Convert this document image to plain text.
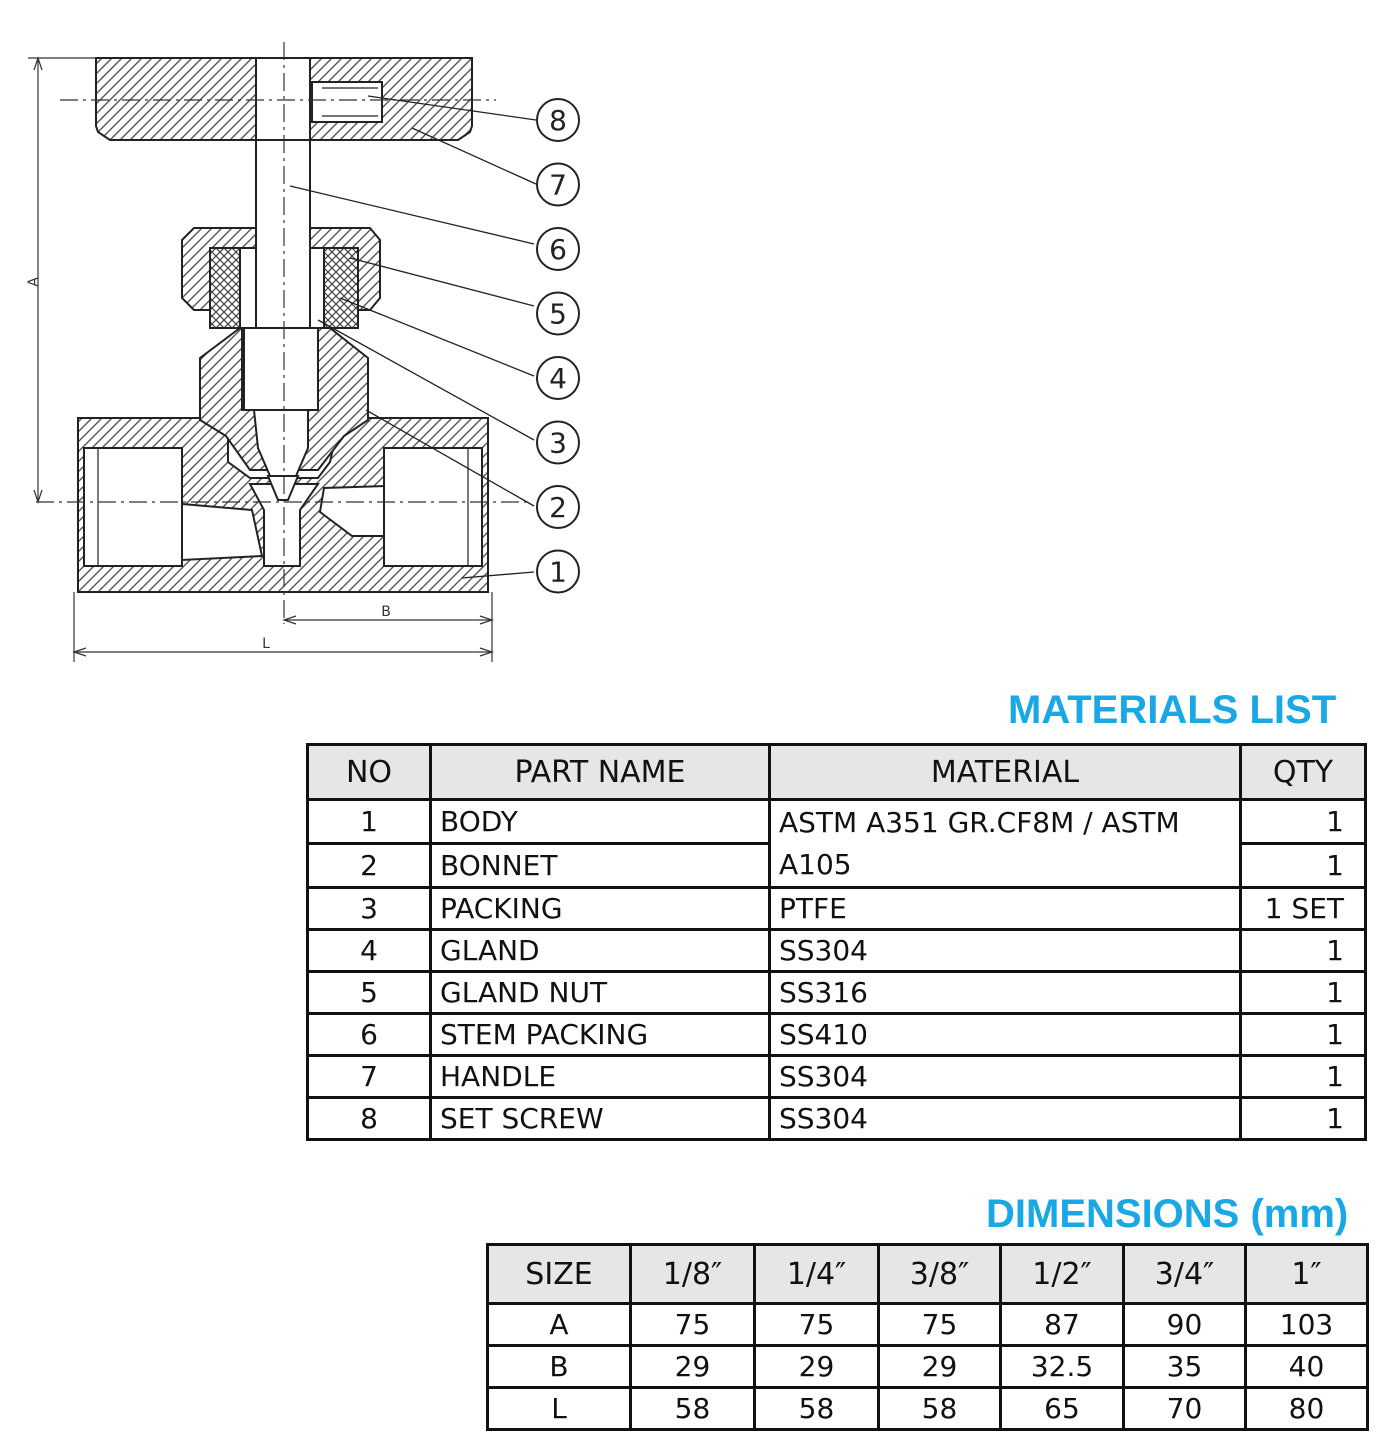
A
B
L
8
7
6
5
4
3
2
1
MATERIALS LIST
NO	PART NAME	MATERIAL	QTY
1	BODY	ASTM A351 GR.CF8M / ASTM A105	1
2	BONNET		1
3	PACKING	PTFE	1 SET
4	GLAND	SS304	1
5	GLAND NUT	SS316	1
6	STEM PACKING	SS410	1
7	HANDLE	SS304	1
8	SET SCREW	SS304	1
DIMENSIONS (mm)
SIZE	1/8″	1/4″	3/8″	1/2″	3/4″	1″
A	75	75	75	87	90	103
B	29	29	29	32.5	35	40
L	58	58	58	65	70	80
